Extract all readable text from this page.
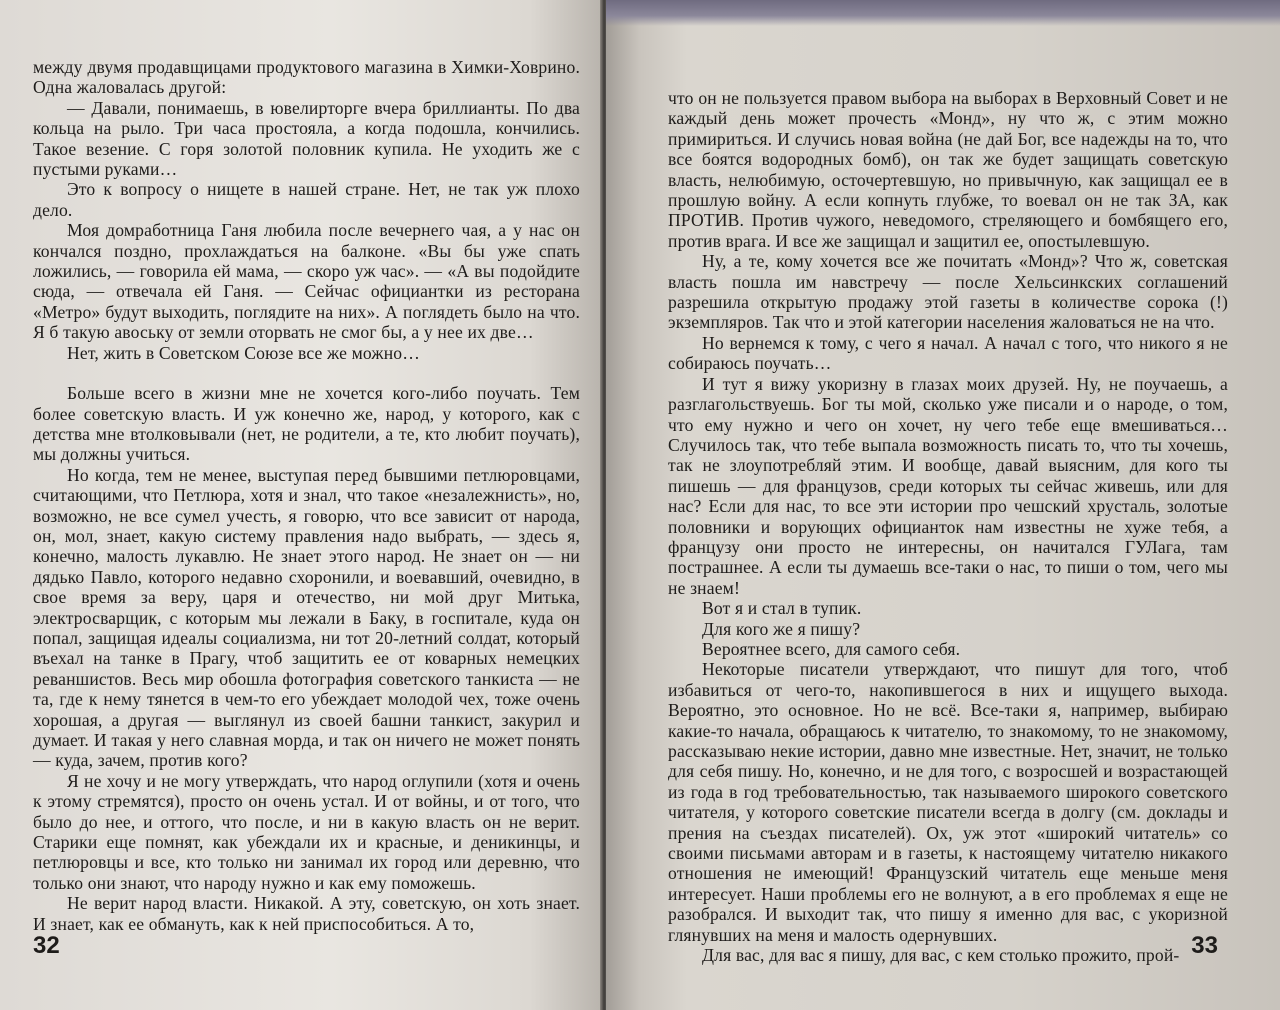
между двумя продавщицами продуктового магазина в Химки-Ховрино. Одна жаловалась другой:

— Давали, понимаешь, в ювелирторге вчера бриллианты. По два кольца на рыло. Три часа простояла, а когда подошла, кончились. Такое везение. С горя золотой половник купила. Не уходить же с пустыми руками…

Это к вопросу о нищете в нашей стране. Нет, не так уж плохо дело.

Моя домработница Ганя любила после вечернего чая, а у нас он кончался поздно, прохлаждаться на балконе. «Вы бы уже спать ложились, — говорила ей мама, — скоро уж час». — «А вы подойдите сюда, — отвечала ей Ганя. — Сейчас официантки из ресторана «Метро» будут выходить, поглядите на них». А поглядеть было на что. Я б такую авоську от земли оторвать не смог бы, а у нее их две…

Нет, жить в Советском Союзе все же можно…

Больше всего в жизни мне не хочется кого-либо поучать. Тем более советскую власть. И уж конечно же, народ, у которого, как с детства мне втолковывали (нет, не родители, а те, кто любит поучать), мы должны учиться.

Но когда, тем не менее, выступая перед бывшими петлюровцами, считающими, что Петлюра, хотя и знал, что такое «незалежнисть», но, возможно, не все сумел учесть, я говорю, что все зависит от народа, он, мол, знает, какую систему правления надо выбрать, — здесь я, конечно, малость лукавлю. Не знает этого народ. Не знает он — ни дядько Павло, которого недавно схоронили, и воевавший, очевидно, в свое время за веру, царя и отечество, ни мой друг Митька, электросварщик, с которым мы лежали в Баку, в госпитале, куда он попал, защищая идеалы социализма, ни тот 20-летний солдат, который въехал на танке в Прагу, чтоб защитить ее от коварных немецких реваншистов. Весь мир обошла фотография советского танкиста — не та, где к нему тянется в чем-то его убеждает молодой чех, тоже очень хорошая, а другая — выглянул из своей башни танкист, закурил и думает. И такая у него славная морда, и так он ничего не может понять — куда, зачем, против кого?

Я не хочу и не могу утверждать, что народ оглупили (хотя и очень к этому стремятся), просто он очень устал. И от войны, и от того, что было до нее, и оттого, что после, и ни в какую власть он не верит. Старики еще помнят, как убеждали их и красные, и деникинцы, и петлюровцы и все, кто только ни занимал их город или деревню, что только они знают, что народу нужно и как ему поможешь.

Не верит народ власти. Никакой. А эту, советскую, он хоть знает. И знает, как ее обмануть, как к ней приспособиться. А то,

32

что он не пользуется правом выбора на выборах в Верховный Совет и не каждый день может прочесть «Монд», ну что ж, с этим можно примириться. И случись новая война (не дай Бог, все надежды на то, что все боятся водородных бомб), он так же будет защищать советскую власть, нелюбимую, осточертевшую, но привычную, как защищал ее в прошлую войну. А если копнуть глубже, то воевал он не так ЗА, как ПРОТИВ. Против чужого, неведомого, стреляющего и бомбящего его, против врага. И все же защищал и защитил ее, опостылевшую.

Ну, а те, кому хочется все же почитать «Монд»? Что ж, советская власть пошла им навстречу — после Хельсинкских соглашений разрешила открытую продажу этой газеты в количестве сорока (!) экземпляров. Так что и этой категории населения жаловаться не на что.

Но вернемся к тому, с чего я начал. А начал с того, что никого я не собираюсь поучать…

И тут я вижу укоризну в глазах моих друзей. Ну, не поучаешь, а разглагольствуешь. Бог ты мой, сколько уже писали и о народе, о том, что ему нужно и чего он хочет, ну чего тебе еще вмешиваться… Случилось так, что тебе выпала возможность писать то, что ты хочешь, так не злоупотребляй этим. И вообще, давай выясним, для кого ты пишешь — для французов, среди которых ты сейчас живешь, или для нас? Если для нас, то все эти истории про чешский хрусталь, золотые половники и ворующих официанток нам известны не хуже тебя, а французу они просто не интересны, он начитался ГУЛага, там пострашнее. А если ты думаешь все-таки о нас, то пиши о том, чего мы не знаем!

Вот я и стал в тупик.

Для кого же я пишу?

Вероятнее всего, для самого себя.

Некоторые писатели утверждают, что пишут для того, чтоб избавиться от чего-то, накопившегося в них и ищущего выхода. Вероятно, это основное. Но не всё. Все-таки я, например, выбираю какие-то начала, обращаюсь к читателю, то знакомому, то не знакомому, рассказываю некие истории, давно мне известные. Нет, значит, не только для себя пишу. Но, конечно, и не для того, с возросшей и возрастающей из года в год требовательностью, так называемого широкого советского читателя, у которого советские писатели всегда в долгу (см. доклады и прения на съездах писателей). Ох, уж этот «широкий читатель» со своими письмами авторам и в газеты, к настоящему читателю никакого отношения не имеющий! Французский читатель еще меньше меня интересует. Наши проблемы его не волнуют, а в его проблемах я еще не разобрался. И выходит так, что пишу я именно для вас, с укоризной глянувших на меня и малость одернувших.

Для вас, для вас я пишу, для вас, с кем столько прожито, прой- 33
